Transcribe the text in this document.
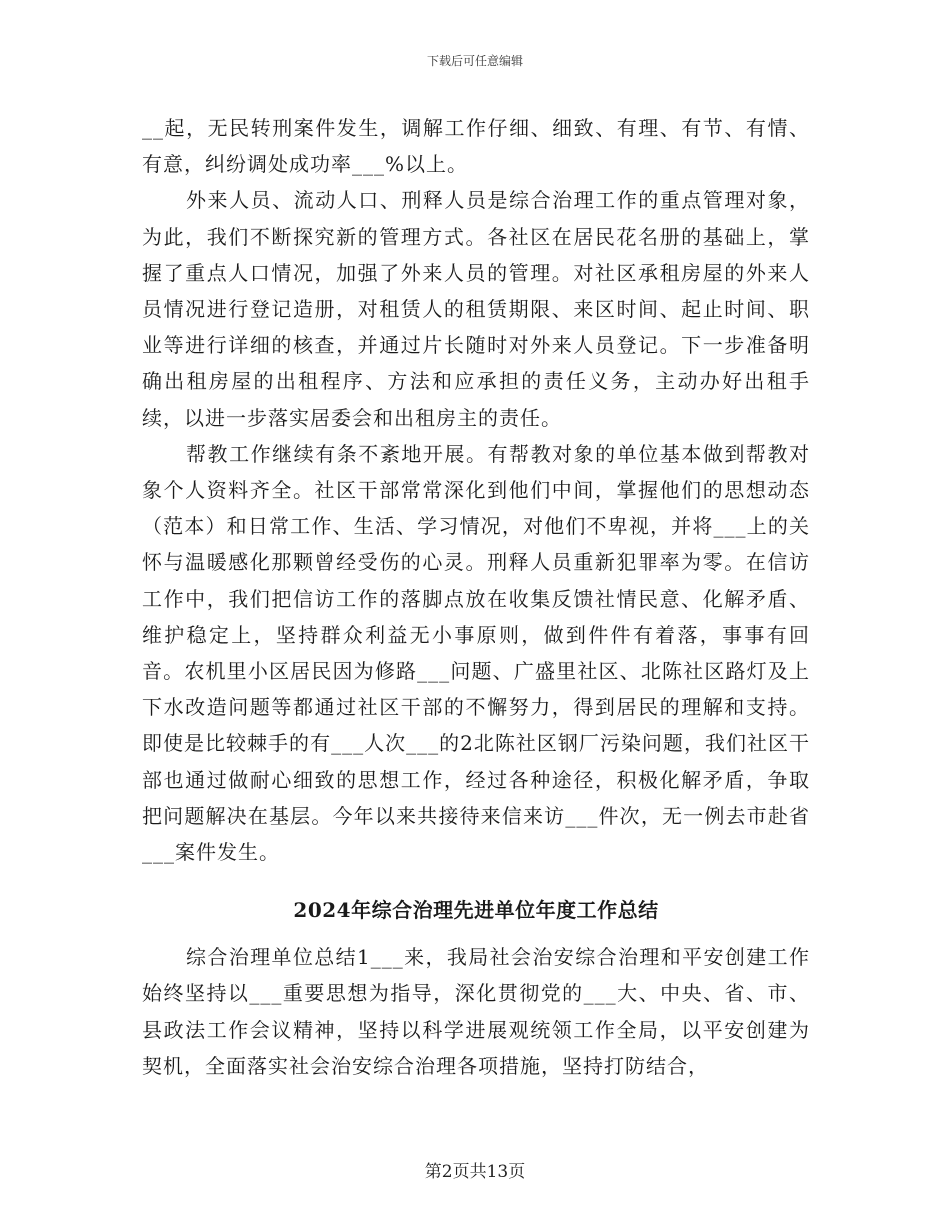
下载后可任意编辑

__起，无民转刑案件发生，调解工作仔细、细致、有理、有节、有情、有意，纠纷调处成功率___%以上。

外来人员、流动人口、刑释人员是综合治理工作的重点管理对象，为此，我们不断探究新的管理方式。各社区在居民花名册的基础上，掌握了重点人口情况，加强了外来人员的管理。对社区承租房屋的外来人员情况进行登记造册，对租赁人的租赁期限、来区时间、起止时间、职业等进行详细的核查，并通过片长随时对外来人员登记。下一步准备明确出租房屋的出租程序、方法和应承担的责任义务，主动办好出租手续，以进一步落实居委会和出租房主的责任。

帮教工作继续有条不紊地开展。有帮教对象的单位基本做到帮教对象个人资料齐全。社区干部常常深化到他们中间，掌握他们的思想动态（范本）和日常工作、生活、学习情况，对他们不卑视，并将___上的关怀与温暖感化那颗曾经受伤的心灵。刑释人员重新犯罪率为零。在信访工作中，我们把信访工作的落脚点放在收集反馈社情民意、化解矛盾、维护稳定上，坚持群众利益无小事原则，做到件件有着落，事事有回音。农机里小区居民因为修路___问题、广盛里社区、北陈社区路灯及上下水改造问题等都通过社区干部的不懈努力，得到居民的理解和支持。即使是比较棘手的有___人次___的2北陈社区钢厂污染问题，我们社区干部也通过做耐心细致的思想工作，经过各种途径，积极化解矛盾，争取把问题解决在基层。今年以来共接待来信来访___件次，无一例去市赴省___案件发生。

2024年综合治理先进单位年度工作总结

综合治理单位总结1___来，我局社会治安综合治理和平安创建工作始终坚持以___重要思想为指导，深化贯彻党的___大、中央、省、市、县政法工作会议精神，坚持以科学进展观统领工作全局，以平安创建为契机，全面落实社会治安综合治理各项措施，坚持打防结合，

第2页共13页
